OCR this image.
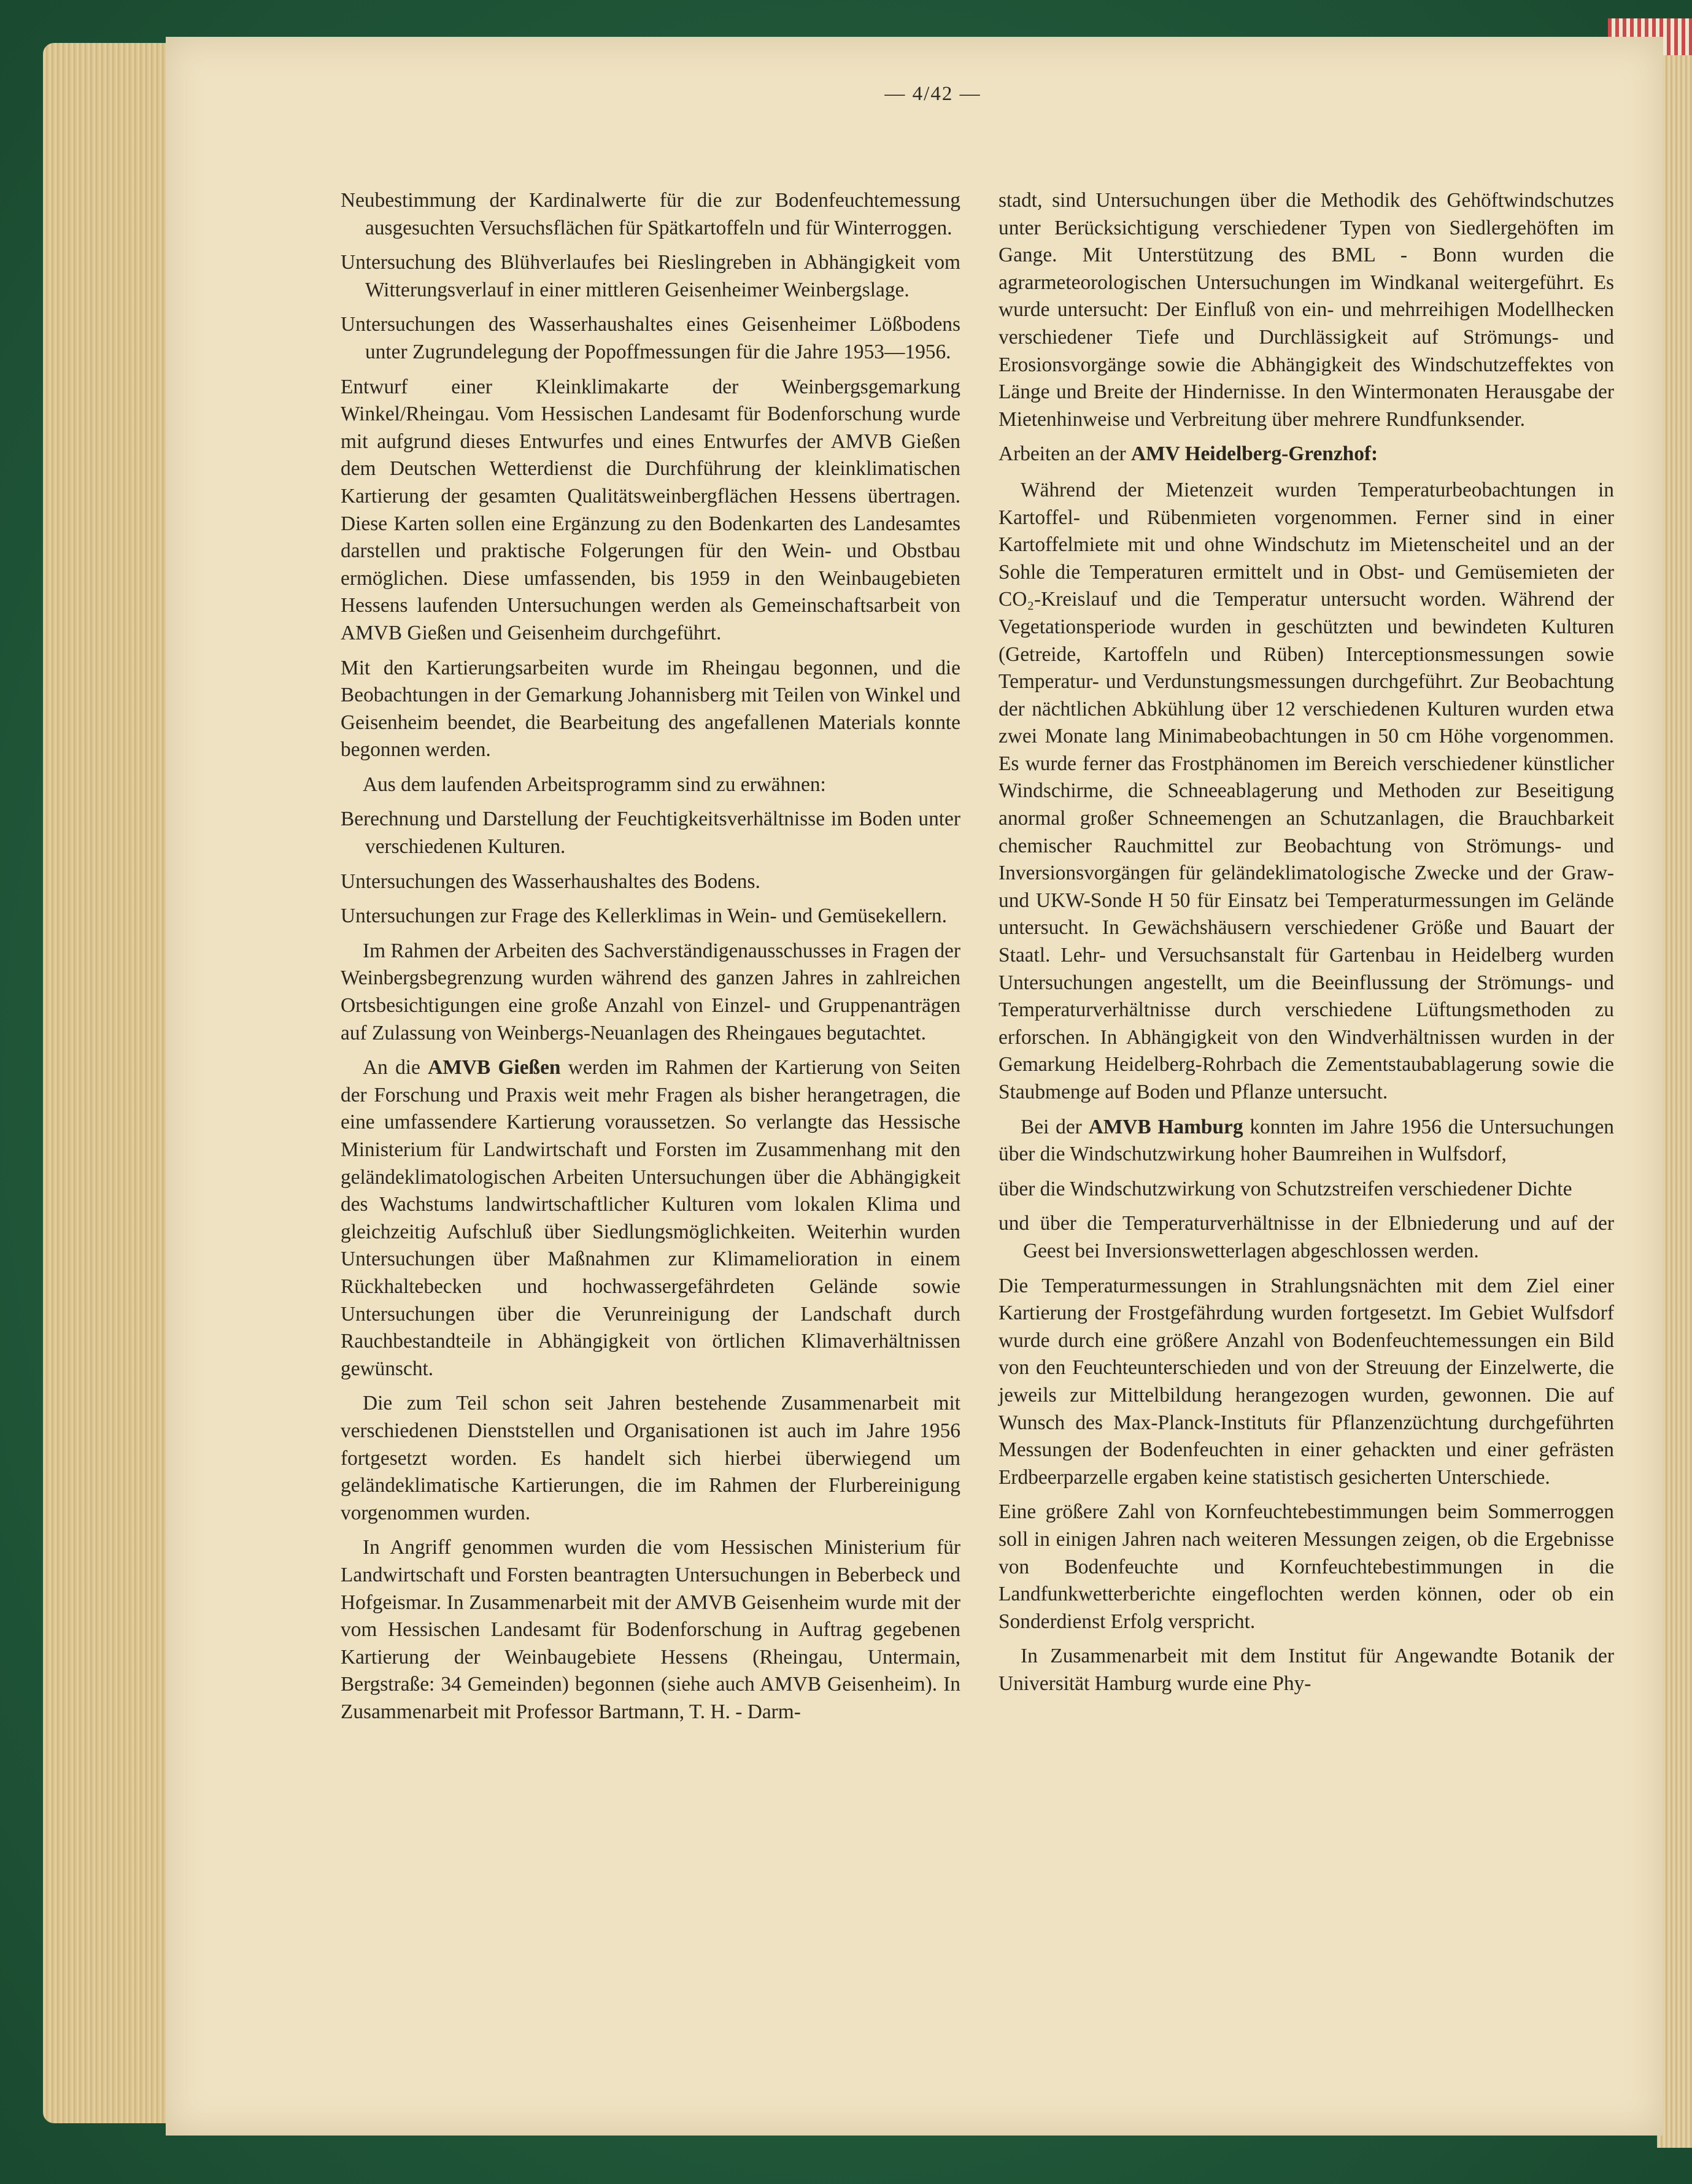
— 4/42 —

Neubestimmung der Kardinalwerte für die zur Bodenfeuchtemessung ausgesuchten Versuchsflächen für Spätkartoffeln und für Winterroggen.

Untersuchung des Blühverlaufes bei Rieslingreben in Abhängigkeit vom Witterungsverlauf in einer mittleren Geisenheimer Weinbergslage.

Untersuchungen des Wasserhaushaltes eines Geisenheimer Lößbodens unter Zugrundelegung der Popoffmessungen für die Jahre 1953—1956.

Entwurf einer Kleinklimakarte der Weinbergsgemarkung Winkel/Rheingau. Vom Hessischen Landesamt für Bodenforschung wurde mit aufgrund dieses Entwurfes und eines Entwurfes der AMVB Gießen dem Deutschen Wetterdienst die Durchführung der kleinklimatischen Kartierung der gesamten Qualitätsweinbergflächen Hessens übertragen. Diese Karten sollen eine Ergänzung zu den Bodenkarten des Landesamtes darstellen und praktische Folgerungen für den Wein- und Obstbau ermöglichen. Diese umfassenden, bis 1959 in den Weinbaugebieten Hessens laufenden Untersuchungen werden als Gemeinschaftsarbeit von AMVB Gießen und Geisenheim durchgeführt.

Mit den Kartierungsarbeiten wurde im Rheingau begonnen, und die Beobachtungen in der Gemarkung Johannisberg mit Teilen von Winkel und Geisenheim beendet, die Bearbeitung des angefallenen Materials konnte begonnen werden.

Aus dem laufenden Arbeitsprogramm sind zu erwähnen:

Berechnung und Darstellung der Feuchtigkeitsverhältnisse im Boden unter verschiedenen Kulturen.

Untersuchungen des Wasserhaushaltes des Bodens.

Untersuchungen zur Frage des Kellerklimas in Wein- und Gemüsekellern.

Im Rahmen der Arbeiten des Sachverständigenausschusses in Fragen der Weinbergsbegrenzung wurden während des ganzen Jahres in zahlreichen Ortsbesichtigungen eine große Anzahl von Einzel- und Gruppenanträgen auf Zulassung von Weinbergs-Neuanlagen des Rheingaues begutachtet.

An die AMVB Gießen werden im Rahmen der Kartierung von Seiten der Forschung und Praxis weit mehr Fragen als bisher herangetragen, die eine umfassendere Kartierung voraussetzen. So verlangte das Hessische Ministerium für Landwirtschaft und Forsten im Zusammenhang mit den geländeklimatologischen Arbeiten Untersuchungen über die Abhängigkeit des Wachstums landwirtschaftlicher Kulturen vom lokalen Klima und gleichzeitig Aufschluß über Siedlungsmöglichkeiten. Weiterhin wurden Untersuchungen über Maßnahmen zur Klimamelioration in einem Rückhaltebecken und hochwassergefährdeten Gelände sowie Untersuchungen über die Verunreinigung der Landschaft durch Rauchbestandteile in Abhängigkeit von örtlichen Klimaverhältnissen gewünscht.

Die zum Teil schon seit Jahren bestehende Zusammenarbeit mit verschiedenen Dienststellen und Organisationen ist auch im Jahre 1956 fortgesetzt worden. Es handelt sich hierbei überwiegend um geländeklimatische Kartierungen, die im Rahmen der Flurbereinigung vorgenommen wurden.

In Angriff genommen wurden die vom Hessischen Ministerium für Landwirtschaft und Forsten beantragten Untersuchungen in Beberbeck und Hofgeismar. In Zusammenarbeit mit der AMVB Geisenheim wurde mit der vom Hessischen Landesamt für Bodenforschung in Auftrag gegebenen Kartierung der Weinbaugebiete Hessens (Rheingau, Untermain, Bergstraße: 34 Gemeinden) begonnen (siehe auch AMVB Geisenheim). In Zusammenarbeit mit Professor Bartmann, T. H. - Darm-

stadt, sind Untersuchungen über die Methodik des Gehöftwindschutzes unter Berücksichtigung verschiedener Typen von Siedlergehöften im Gange. Mit Unterstützung des BML - Bonn wurden die agrarmeteorologischen Untersuchungen im Windkanal weitergeführt. Es wurde untersucht: Der Einfluß von ein- und mehrreihigen Modellhecken verschiedener Tiefe und Durchlässigkeit auf Strömungs- und Erosionsvorgänge sowie die Abhängigkeit des Windschutzeffektes von Länge und Breite der Hindernisse. In den Wintermonaten Herausgabe der Mietenhinweise und Verbreitung über mehrere Rundfunksender.

Arbeiten an der AMV Heidelberg-Grenzhof:

Während der Mietenzeit wurden Temperaturbeobachtungen in Kartoffel- und Rübenmieten vorgenommen. Ferner sind in einer Kartoffelmiete mit und ohne Windschutz im Mietenscheitel und an der Sohle die Temperaturen ermittelt und in Obst- und Gemüsemieten der CO₂-Kreislauf und die Temperatur untersucht worden. Während der Vegetationsperiode wurden in geschützten und bewindeten Kulturen (Getreide, Kartoffeln und Rüben) Interceptionsmessungen sowie Temperatur- und Verdunstungsmessungen durchgeführt. Zur Beobachtung der nächtlichen Abkühlung über 12 verschiedenen Kulturen wurden etwa zwei Monate lang Minimabeobachtungen in 50 cm Höhe vorgenommen. Es wurde ferner das Frostphänomen im Bereich verschiedener künstlicher Windschirme, die Schneeablagerung und Methoden zur Beseitigung anormal großer Schneemengen an Schutzanlagen, die Brauchbarkeit chemischer Rauchmittel zur Beobachtung von Strömungs- und Inversionsvorgängen für geländeklimatologische Zwecke und der Graw- und UKW-Sonde H 50 für Einsatz bei Temperaturmessungen im Gelände untersucht. In Gewächshäusern verschiedener Größe und Bauart der Staatl. Lehr- und Versuchsanstalt für Gartenbau in Heidelberg wurden Untersuchungen angestellt, um die Beeinflussung der Strömungs- und Temperaturverhältnisse durch verschiedene Lüftungsmethoden zu erforschen. In Abhängigkeit von den Windverhältnissen wurden in der Gemarkung Heidelberg-Rohrbach die Zementstaubablagerung sowie die Staubmenge auf Boden und Pflanze untersucht.

Bei der AMVB Hamburg konnten im Jahre 1956 die Untersuchungen über die Windschutzwirkung hoher Baumreihen in Wulfsdorf,

über die Windschutzwirkung von Schutzstreifen verschiedener Dichte

und über die Temperaturverhältnisse in der Elbniederung und auf der Geest bei Inversionswetterlagen abgeschlossen werden.

Die Temperaturmessungen in Strahlungsnächten mit dem Ziel einer Kartierung der Frostgefährdung wurden fortgesetzt. Im Gebiet Wulfsdorf wurde durch eine größere Anzahl von Bodenfeuchtemessungen ein Bild von den Feuchteunterschieden und von der Streuung der Einzelwerte, die jeweils zur Mittelbildung herangezogen wurden, gewonnen. Die auf Wunsch des Max-Planck-Instituts für Pflanzenzüchtung durchgeführten Messungen der Bodenfeuchten in einer gehackten und einer gefrästen Erdbeerparzelle ergaben keine statistisch gesicherten Unterschiede.

Eine größere Zahl von Kornfeuchtebestimmungen beim Sommerroggen soll in einigen Jahren nach weiteren Messungen zeigen, ob die Ergebnisse von Bodenfeuchte und Kornfeuchtebestimmungen in die Landfunkwetterberichte eingeflochten werden können, oder ob ein Sonderdienst Erfolg verspricht.

In Zusammenarbeit mit dem Institut für Angewandte Botanik der Universität Hamburg wurde eine Phy-
